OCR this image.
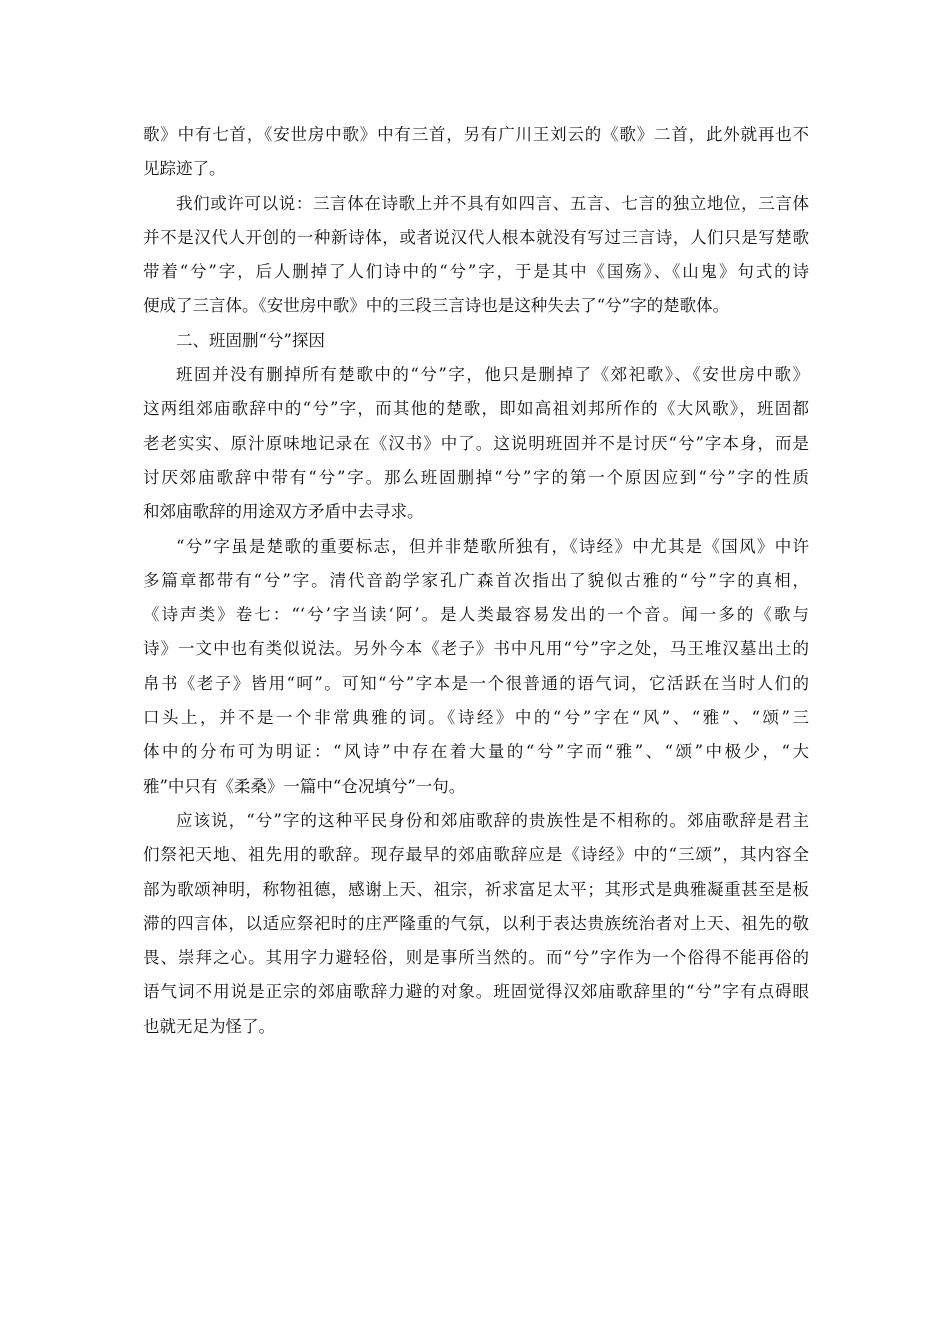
歌》中有七首，《安世房中歌》中有三首，另有广川王刘云的《歌》二首，此外就再也不
见踪迹了。
我们或许可以说：三言体在诗歌上并不具有如四言、五言、七言的独立地位，三言体
并不是汉代人开创的一种新诗体，或者说汉代人根本就没有写过三言诗，人们只是写楚歌
带着“兮”字，后人删掉了人们诗中的“兮”字，于是其中《国殇》、《山鬼》句式的诗
便成了三言体。《安世房中歌》中的三段三言诗也是这种失去了“兮”字的楚歌体。
二、班固删“兮”探因
班固并没有删掉所有楚歌中的“兮”字，他只是删掉了《郊祀歌》、《安世房中歌》
这两组郊庙歌辞中的“兮”字，而其他的楚歌，即如高祖刘邦所作的《大风歌》，班固都
老老实实、原汁原味地记录在《汉书》中了。这说明班固并不是讨厌“兮”字本身，而是
讨厌郊庙歌辞中带有“兮”字。那么班固删掉“兮”字的第一个原因应到“兮”字的性质
和郊庙歌辞的用途双方矛盾中去寻求。
“兮”字虽是楚歌的重要标志，但并非楚歌所独有，《诗经》中尤其是《国风》中许
多篇章都带有“兮”字。清代音韵学家孔广森首次指出了貌似古雅的“兮”字的真相，
《诗声类》卷七：“‘兮’字当读‘阿’。是人类最容易发出的一个音。闻一多的《歌与
诗》一文中也有类似说法。另外今本《老子》书中凡用“兮”字之处，马王堆汉墓出土的
帛书《老子》皆用“呵”。可知“兮”字本是一个很普通的语气词，它活跃在当时人们的
口头上，并不是一个非常典雅的词。《诗经》中的“兮”字在“风”、“雅”、“颂”三
体中的分布可为明证：“风诗”中存在着大量的“兮”字而“雅”、“颂”中极少，“大
雅”中只有《柔桑》一篇中“仓况填兮”一句。
应该说，“兮”字的这种平民身份和郊庙歌辞的贵族性是不相称的。郊庙歌辞是君主
们祭祀天地、祖先用的歌辞。现存最早的郊庙歌辞应是《诗经》中的“三颂”，其内容全
部为歌颂神明，称物祖德，感谢上天、祖宗，祈求富足太平；其形式是典雅凝重甚至是板
滞的四言体，以适应祭祀时的庄严隆重的气氛，以利于表达贵族统治者对上天、祖先的敬
畏、崇拜之心。其用字力避轻俗，则是事所当然的。而“兮”字作为一个俗得不能再俗的
语气词不用说是正宗的郊庙歌辞力避的对象。班固觉得汉郊庙歌辞里的“兮”字有点碍眼
也就无足为怪了。
